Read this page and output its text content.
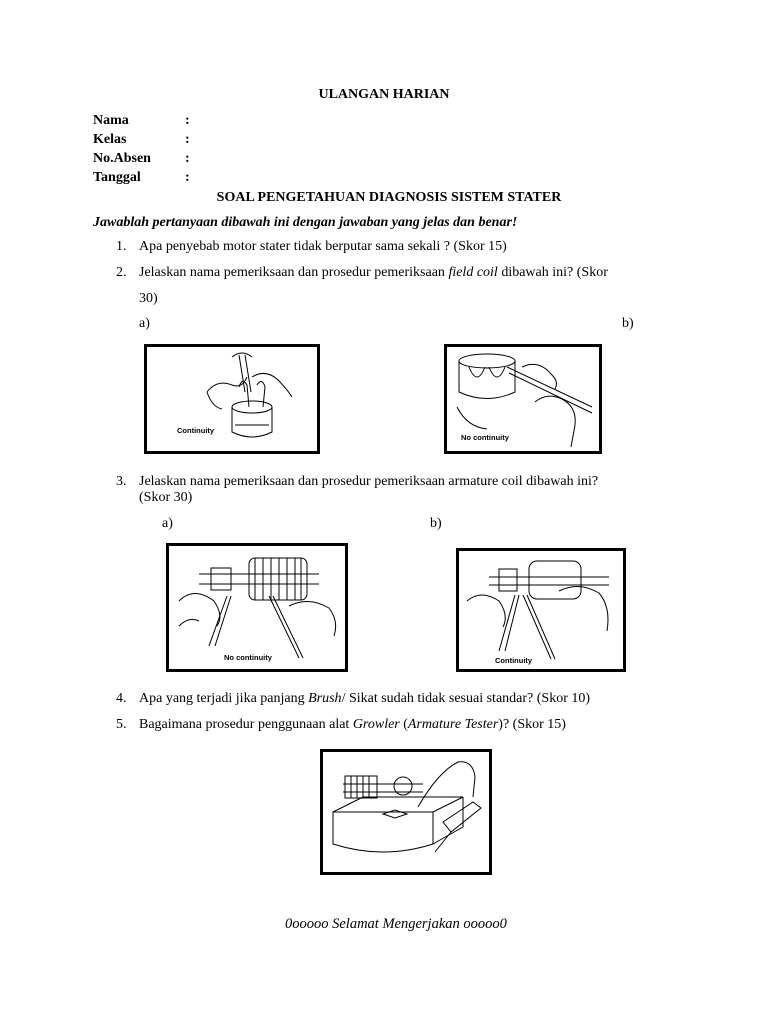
ULANGAN HARIAN
Nama	:
Kelas	:
No.Absen :
Tanggal	:
SOAL PENGETAHUAN DIAGNOSIS SISTEM STATER
Jawablah pertanyaan dibawah ini dengan jawaban yang jelas dan benar!
1. Apa penyebab motor stater tidak berputar sama sekali ? (Skor 15)
2. Jelaskan nama pemeriksaan dan prosedur pemeriksaan field coil dibawah ini? (Skor
30)
a)	b)
Continuity
No continuity
3. Jelaskan nama pemeriksaan dan prosedur pemeriksaan armature coil dibawah ini?
(Skor 30)
a)	b)
No continuity	Continuity
4. Apa yang terjadi jika panjang Brush/ Sikat sudah tidak sesuai standar? (Skor 10)
5. Bagaimana prosedur penggunaan alat Growler (Armature Tester)? (Skor 15)
0ooooo Selamat Mengerjakan ooooo0
